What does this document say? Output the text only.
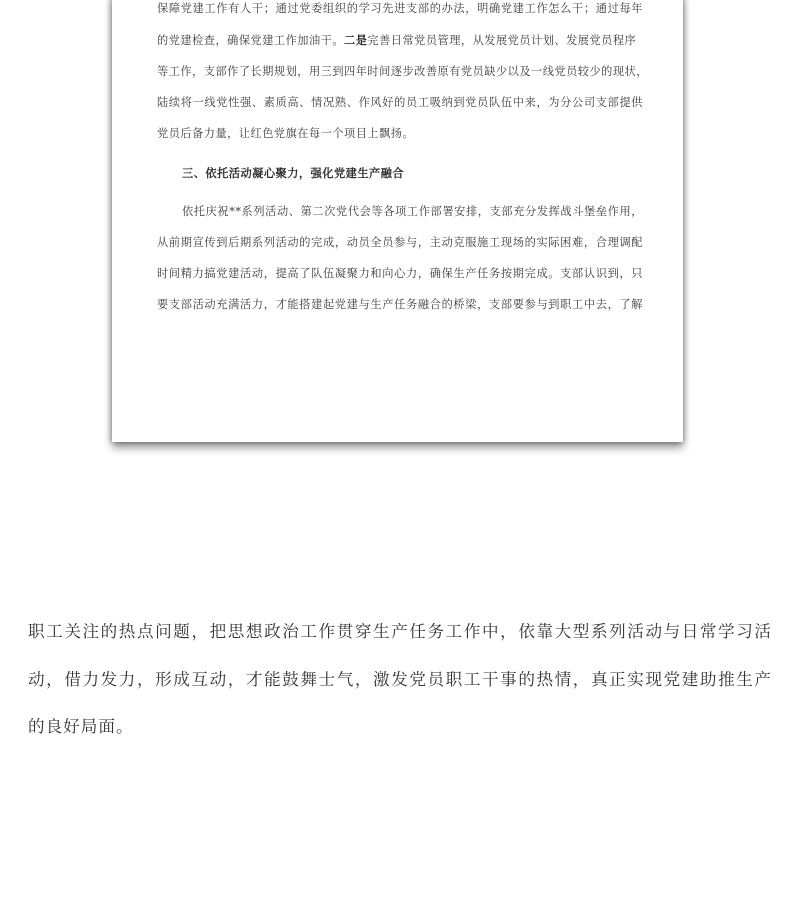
保障党建工作有人干；通过党委组织的学习先进支部的办法，明确党建工作怎么干；通过每年
的党建检查，确保党建工作加油干。二是完善日常党员管理，从发展党员计划、发展党员程序
等工作，支部作了长期规划，用三到四年时间逐步改善原有党员缺少以及一线党员较少的现状，
陆续将一线党性强、素质高、情况熟、作风好的员工吸纳到党员队伍中来，为分公司支部提供
党员后备力量，让红色党旗在每一个项目上飘扬。
三、依托活动凝心聚力，强化党建生产融合
依托庆祝**系列活动、第二次党代会等各项工作部署安排，支部充分发挥战斗堡垒作用，
从前期宣传到后期系列活动的完成，动员全员参与，主动克服施工现场的实际困难，合理调配
时间精力搞党建活动，提高了队伍凝聚力和向心力，确保生产任务按期完成。支部认识到，只
要支部活动充满活力，才能搭建起党建与生产任务融合的桥梁，支部要参与到职工中去，了解
职工关注的热点问题，把思想政治工作贯穿生产任务工作中，依靠大型系列活动与日常学习活
动，借力发力，形成互动，才能鼓舞士气，激发党员职工干事的热情，真正实现党建助推生产
的良好局面。
